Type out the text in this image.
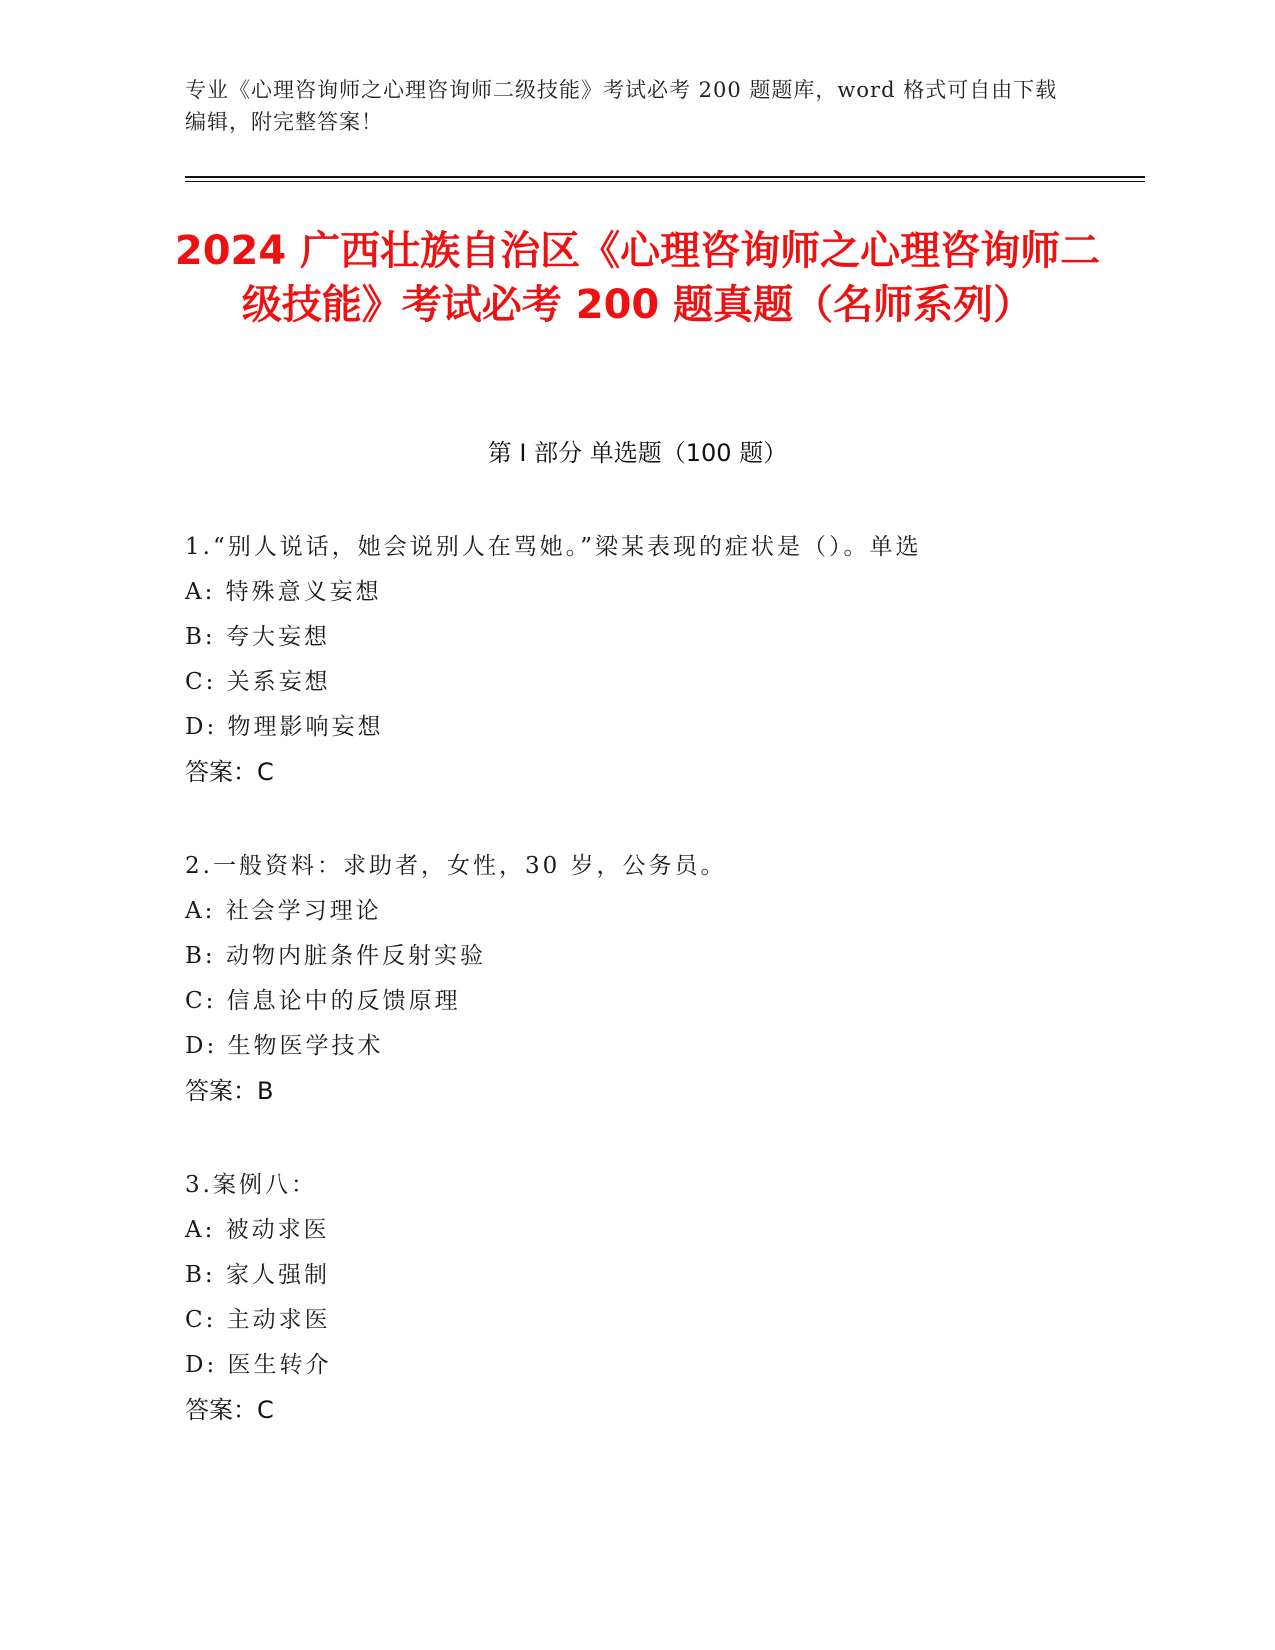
专业《心理咨询师之心理咨询师二级技能》考试必考 200 题题库，word 格式可自由下载编辑，附完整答案！
2024 广西壮族自治区《心理咨询师之心理咨询师二级技能》考试必考 200 题真题（名师系列）
第 I 部分 单选题（100 题）
1.“别人说话，她会说别人在骂她。”梁某表现的症状是（）。单选
A: 特殊意义妄想
B: 夸大妄想
C: 关系妄想
D: 物理影响妄想
答案：C
2.一般资料：求助者，女性，30 岁，公务员。
A: 社会学习理论
B: 动物内脏条件反射实验
C: 信息论中的反馈原理
D: 生物医学技术
答案：B
3.案例八：
A: 被动求医
B: 家人强制
C: 主动求医
D: 医生转介
答案：C
